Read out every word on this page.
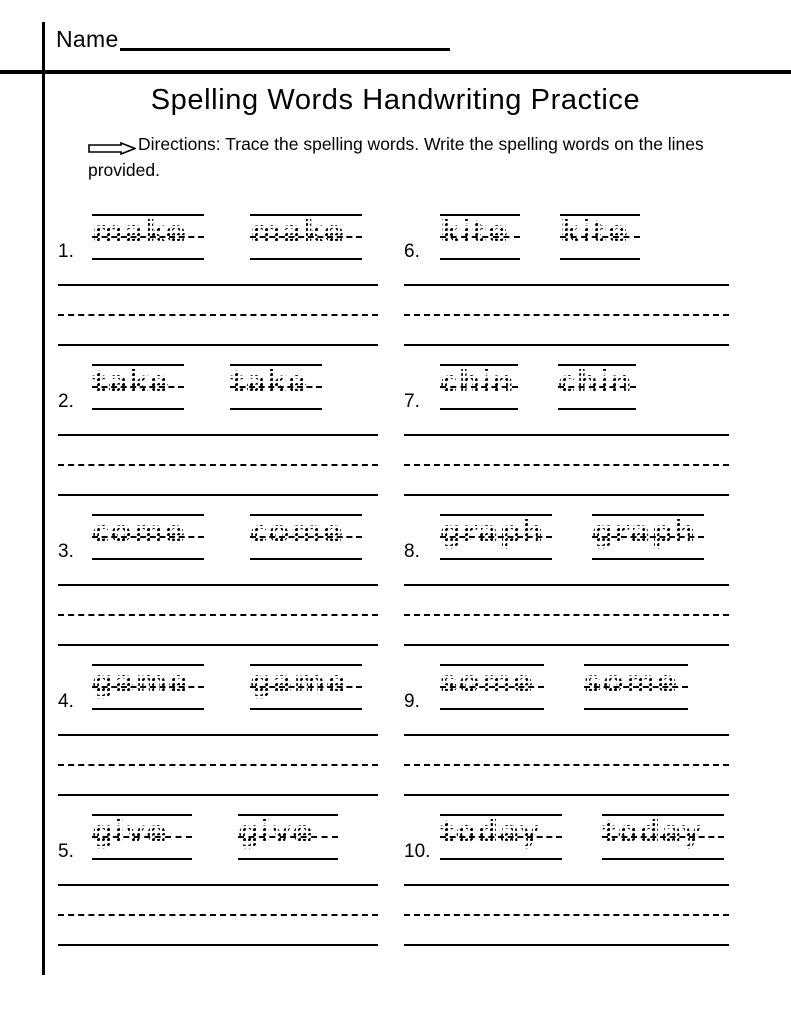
Name
Spelling Words Handwriting Practice
Directions: Trace the spelling words. Write the spelling words on the lines provided.
1.
make	make
2.
take	take
3.
come	come
4.
game	game
5.
give	give
6.
kite	kite
7.
chin chin
8.
graph graph
9.
some	some
10.
today	today
